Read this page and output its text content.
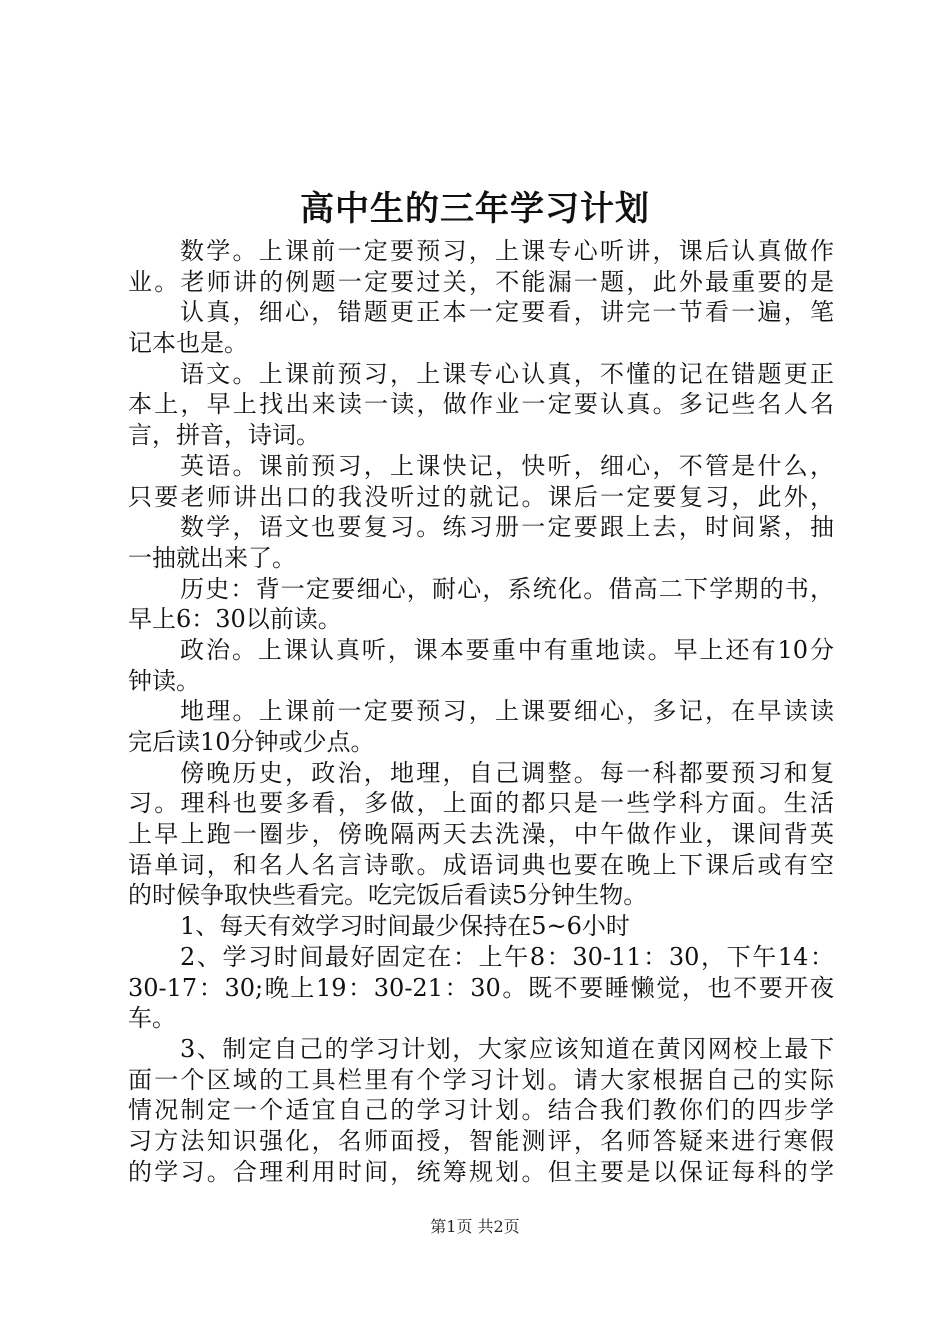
高中生的三年学习计划
数学。上课前一定要预习，上课专心听讲，课后认真做作
业。老师讲的例题一定要过关，不能漏一题，此外最重要的是
认真，细心，错题更正本一定要看，讲完一节看一遍，笔
记本也是。
语文。上课前预习，上课专心认真，不懂的记在错题更正
本上，早上找出来读一读，做作业一定要认真。多记些名人名
言，拼音，诗词。
英语。课前预习，上课快记，快听，细心，不管是什么，
只要老师讲出口的我没听过的就记。课后一定要复习，此外，
数学，语文也要复习。练习册一定要跟上去，时间紧，抽
一抽就出来了。
历史：背一定要细心，耐心，系统化。借高二下学期的书，
早上6：30以前读。
政治。上课认真听，课本要重中有重地读。早上还有10分
钟读。
地理。上课前一定要预习，上课要细心，多记，在早读读
完后读10分钟或少点。
傍晚历史，政治，地理，自己调整。每一科都要预习和复
习。理科也要多看，多做，上面的都只是一些学科方面。生活
上早上跑一圈步，傍晚隔两天去洗澡，中午做作业，课间背英
语单词，和名人名言诗歌。成语词典也要在晚上下课后或有空
的时候争取快些看完。吃完饭后看读5分钟生物。
1、每天有效学习时间最少保持在5~6小时
2、学习时间最好固定在：上午8：30-11：30，下午14：
30-17：30;晚上19：30-21：30。既不要睡懒觉，也不要开夜
车。
3、制定自己的学习计划，大家应该知道在黄冈网校上最下
面一个区域的工具栏里有个学习计划。请大家根据自己的实际
情况制定一个适宜自己的学习计划。结合我们教你们的四步学
习方法知识强化，名师面授，智能测评，名师答疑来进行寒假
的学习。合理利用时间，统筹规划。但主要是以保证每科的学
第1页 共2页
